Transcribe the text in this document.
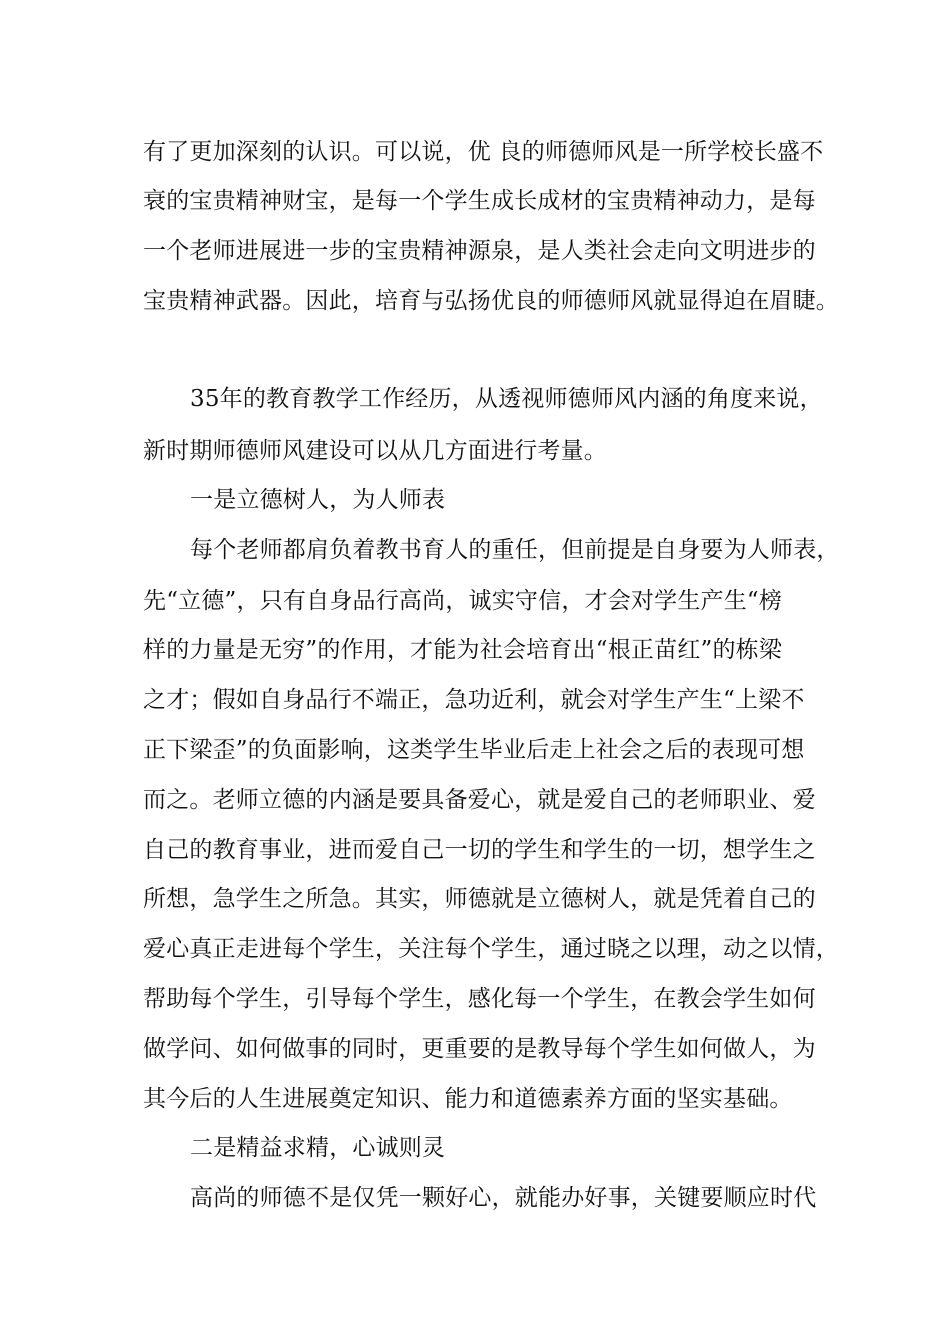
有了更加深刻的认识。可以说，优 良的师德师风是一所学校长盛不
衰的宝贵精神财宝，是每一个学生成长成材的宝贵精神动力，是每
一个老师进展进一步的宝贵精神源泉，是人类社会走向文明进步的
宝贵精神武器。因此，培育与弘扬优良的师德师风就显得迫在眉睫。
35年的教育教学工作经历，从透视师德师风内涵的角度来说，
新时期师德师风建设可以从几方面进行考量。
一是立德树人，为人师表
每个老师都肩负着教书育人的重任，但前提是自身要为人师表，
先“立德”，只有自身品行高尚，诚实守信，才会对学生产生“榜
样的力量是无穷”的作用，才能为社会培育出“根正苗红”的栋梁
之才；假如自身品行不端正，急功近利，就会对学生产生“上梁不
正下梁歪”的负面影响，这类学生毕业后走上社会之后的表现可想
而之。老师立德的内涵是要具备爱心，就是爱自己的老师职业、爱
自己的教育事业，进而爱自己一切的学生和学生的一切，想学生之
所想，急学生之所急。其实，师德就是立德树人，就是凭着自己的
爱心真正走进每个学生，关注每个学生，通过晓之以理，动之以情，
帮助每个学生，引导每个学生，感化每一个学生，在教会学生如何
做学问、如何做事的同时，更重要的是教导每个学生如何做人，为
其今后的人生进展奠定知识、能力和道德素养方面的坚实基础。
二是精益求精，心诚则灵
高尚的师德不是仅凭一颗好心，就能办好事，关键要顺应时代
